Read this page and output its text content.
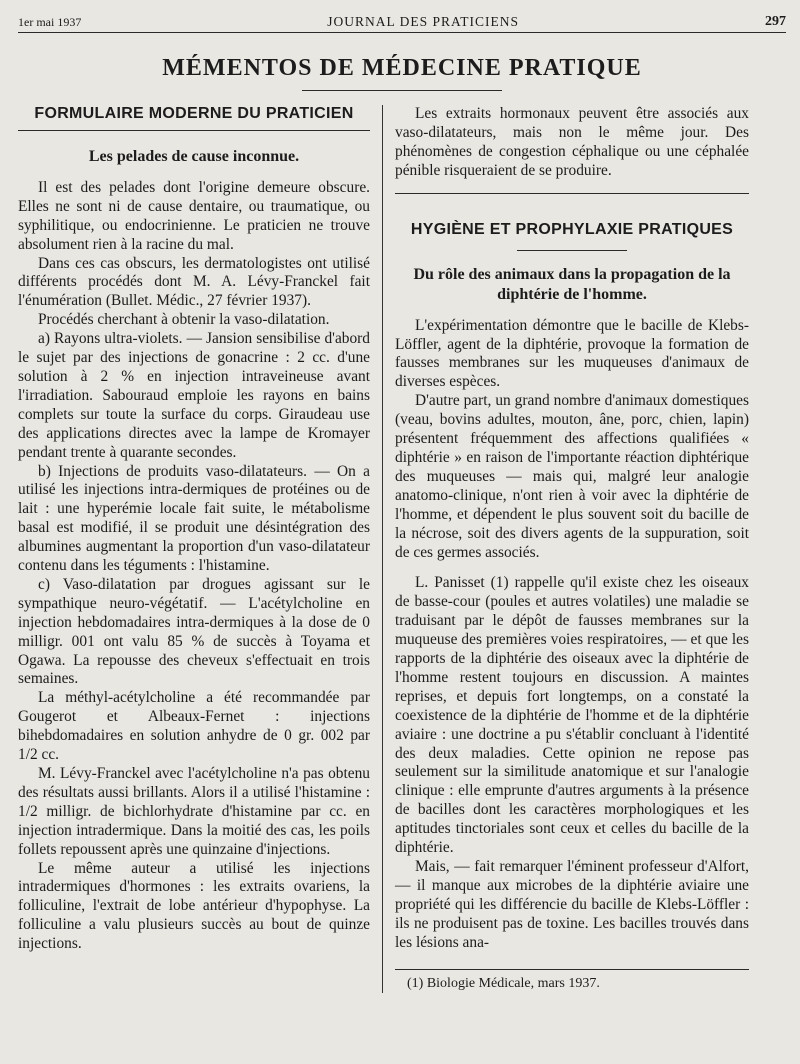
1er mai 1937	JOURNAL DES PRATICIENS	297
MÉMENTOS DE MÉDECINE PRATIQUE
FORMULAIRE MODERNE DU PRATICIEN
Les pelades de cause inconnue.

Il est des pelades dont l'origine demeure obscure. Elles ne sont ni de cause dentaire, ou traumatique, ou syphilitique, ou endocrinienne. Le praticien ne trouve absolument rien à la racine du mal.

Dans ces cas obscurs, les dermatologistes ont utilisé différents procédés dont M. A. Lévy-Franckel fait l'énumération (Bullet. Médic., 27 février 1937).

Procédés cherchant à obtenir la vaso-dilatation.

a) Rayons ultra-violets. — Jansion sensibilise d'abord le sujet par des injections de gonacrine : 2 cc. d'une solution à 2 % en injection intraveineuse avant l'irradiation. Sabouraud emploie les rayons en bains complets sur toute la surface du corps. Giraudeau use des applications directes avec la lampe de Kromayer pendant trente à quarante secondes.

b) Injections de produits vaso-dilatateurs. — On a utilisé les injections intra-dermiques de protéines ou de lait : une hyperémie locale fait suite, le métabolisme basal est modifié, il se produit une désintégration des albumines augmentant la proportion d'un vaso-dilatateur contenu dans les téguments : l'histamine.

c) Vaso-dilatation par drogues agissant sur le sympathique neuro-végétatif. — L'acétylcholine en injection hebdomadaires intra-dermiques à la dose de 0 milligr. 001 ont valu 85 % de succès à Toyama et Ogawa. La repousse des cheveux s'effectuait en trois semaines.

La méthyl-acétylcholine a été recommandée par Gougerot et Albeaux-Fernet : injections bihebdomadaires en solution anhydre de 0 gr. 002 par 1/2 cc.

M. Lévy-Franckel avec l'acétylcholine n'a pas obtenu des résultats aussi brillants. Alors il a utilisé l'histamine : 1/2 milligr. de bichlorhydrate d'histamine par cc. en injection intradermique. Dans la moitié des cas, les poils follets repoussent après une quinzaine d'injections.

Le même auteur a utilisé les injections intradermiques d'hormones : les extraits ovariens, la folliculine, l'extrait de lobe antérieur d'hypophyse. La folliculine a valu plusieurs succès au bout de quinze injections.

Les extraits hormonaux peuvent être associés aux vaso-dilatateurs, mais non le même jour. Des phénomènes de congestion céphalique ou une céphalée pénible risqueraient de se produire.

HYGIÈNE ET PROPHYLAXIE PRATIQUES
Du rôle des animaux dans la propagation de la diphtérie de l'homme.

L'expérimentation démontre que le bacille de Klebs-Löffler, agent de la diphtérie, provoque la formation de fausses membranes sur les muqueuses d'animaux de diverses espèces.

D'autre part, un grand nombre d'animaux domestiques (veau, bovins adultes, mouton, âne, porc, chien, lapin) présentent fréquemment des affections qualifiées « diphtérie » en raison de l'importante réaction diphtérique des muqueuses — mais qui, malgré leur analogie anatomo-clinique, n'ont rien à voir avec la diphtérie de l'homme, et dépendent le plus souvent soit du bacille de la nécrose, soit des divers agents de la suppuration, soit de ces germes associés.

L. Panisset (1) rappelle qu'il existe chez les oiseaux de basse-cour (poules et autres volatiles) une maladie se traduisant par le dépôt de fausses membranes sur la muqueuse des premières voies respiratoires, — et que les rapports de la diphtérie des oiseaux avec la diphtérie de l'homme restent toujours en discussion. A maintes reprises, et depuis fort longtemps, on a constaté la coexistence de la diphtérie de l'homme et de la diphtérie aviaire : une doctrine a pu s'établir concluant à l'identité des deux maladies. Cette opinion ne repose pas seulement sur la similitude anatomique et sur l'analogie clinique : elle emprunte d'autres arguments à la présence de bacilles dont les caractères morphologiques et les aptitudes tinctoriales sont ceux et celles du bacille de la diphtérie.

Mais, — fait remarquer l'éminent professeur d'Alfort, — il manque aux microbes de la diphtérie aviaire une propriété qui les différencie du bacille de Klebs-Löffler : ils ne produisent pas de toxine. Les bacilles trouvés dans les lésions ana-

(1) Biologie Médicale, mars 1937.
